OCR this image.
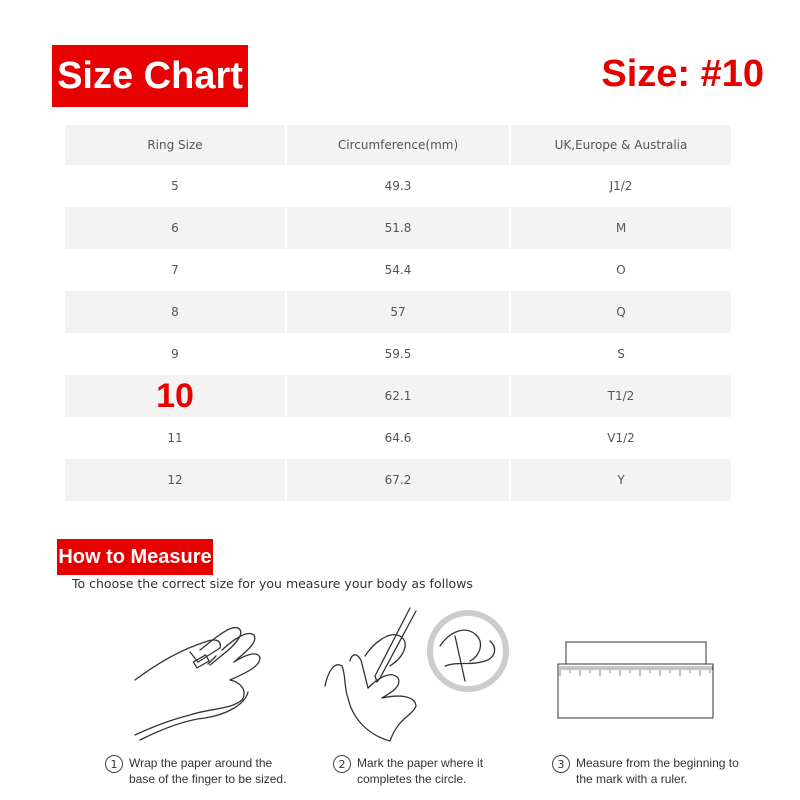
Size Chart	Size: #10
Ring Size	Circumference(mm)	UK,Europe & Australia
5	49.3	J1/2
6	51.8	M
7	54.4	O
8	57	Q
9	59.5	S
10	62.1	T1/2
11	64.6	V1/2
12	67.2	Y
How to Measure
To choose the correct size for you measure your body as follows
1 Wrap the paper around the base of the finger to be sized.
2 Mark the paper where it completes the circle.
3 Measure from the beginning to the mark with a ruler.
